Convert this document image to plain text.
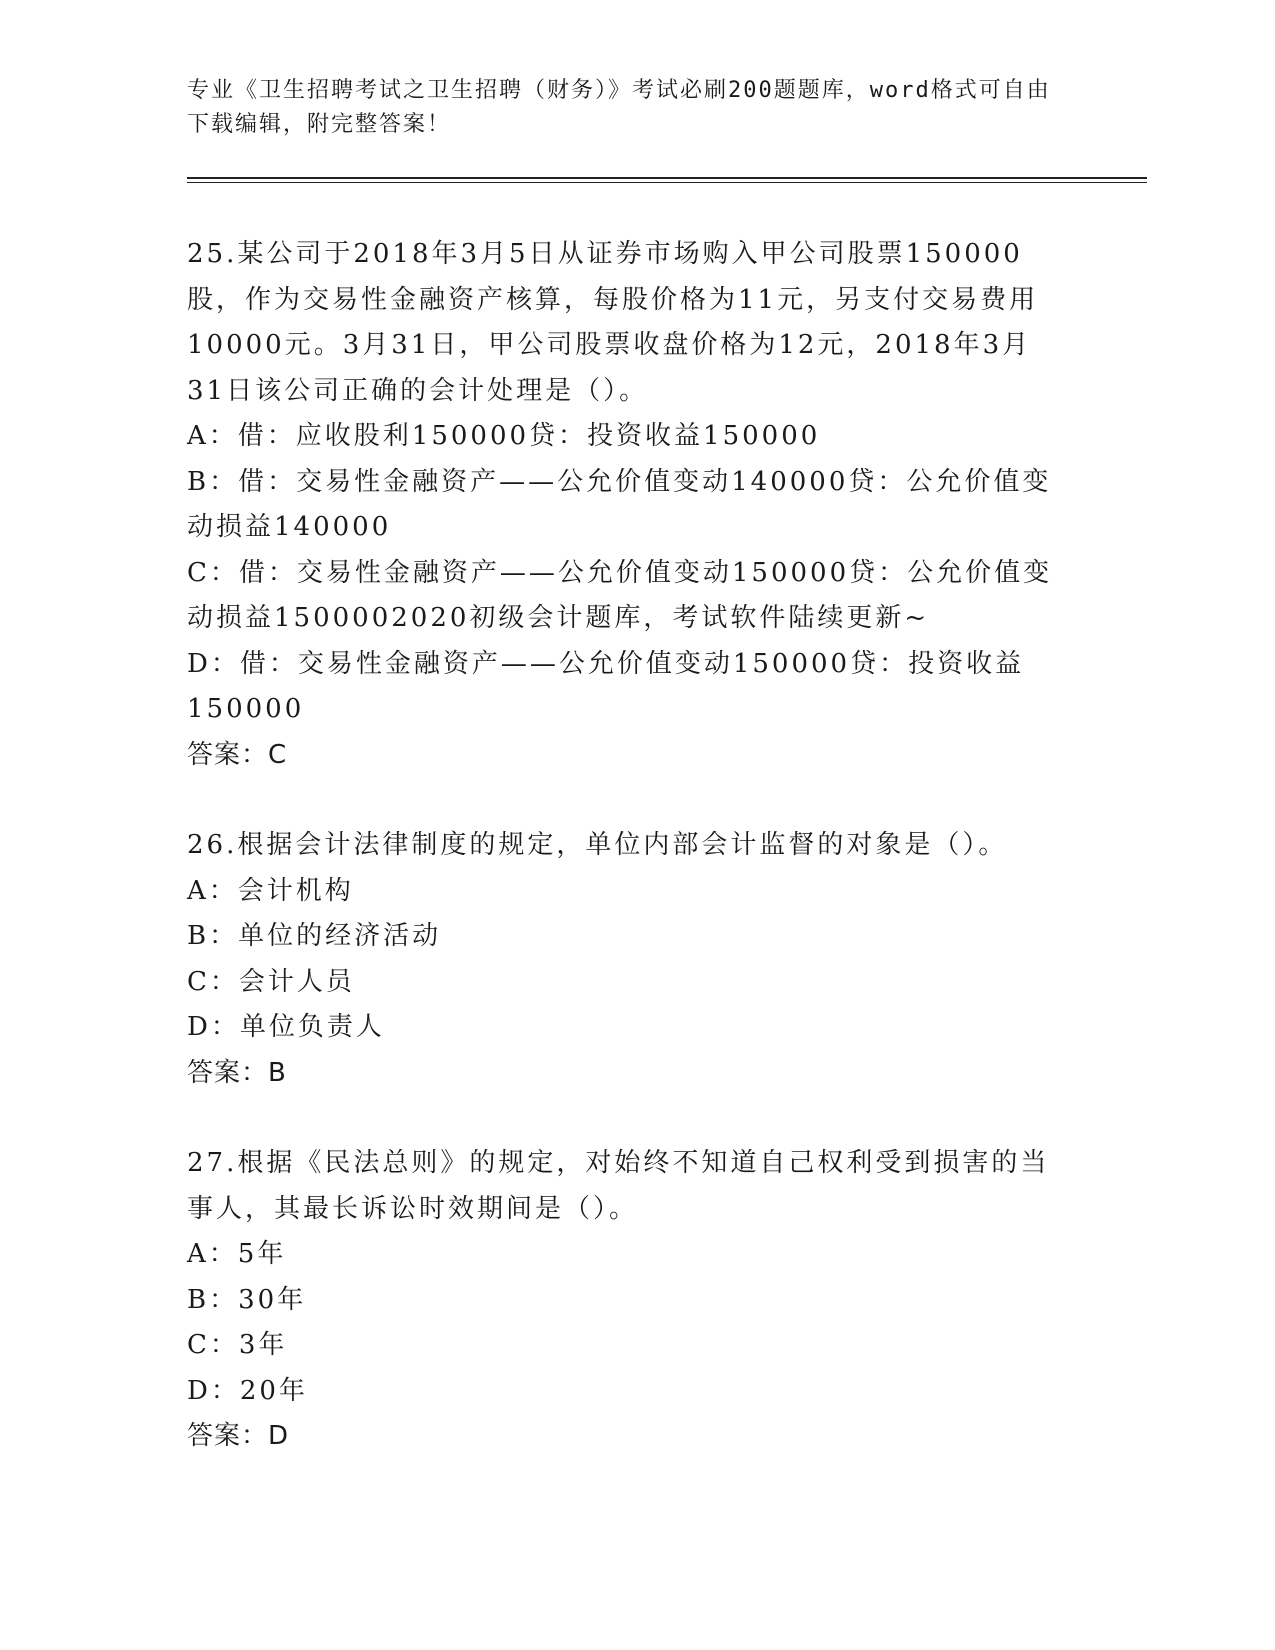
专业《卫生招聘考试之卫生招聘（财务）》考试必刷200题题库，word格式可自由下载编辑，附完整答案！
25.某公司于2018年3月5日从证券市场购入甲公司股票150000股，作为交易性金融资产核算，每股价格为11元，另支付交易费用10000元。3月31日，甲公司股票收盘价格为12元，2018年3月31日该公司正确的会计处理是（）。
A：借：应收股利150000贷：投资收益150000
B：借：交易性金融资产——公允价值变动140000贷：公允价值变动损益140000
C：借：交易性金融资产——公允价值变动150000贷：公允价值变动损益1500002020初级会计题库，考试软件陆续更新~
D：借：交易性金融资产——公允价值变动150000贷：投资收益150000
答案：C
26.根据会计法律制度的规定，单位内部会计监督的对象是（）。
A：会计机构
B：单位的经济活动
C：会计人员
D：单位负责人
答案：B
27.根据《民法总则》的规定，对始终不知道自己权利受到损害的当事人，其最长诉讼时效期间是（）。
A：5年
B：30年
C：3年
D：20年
答案：D
